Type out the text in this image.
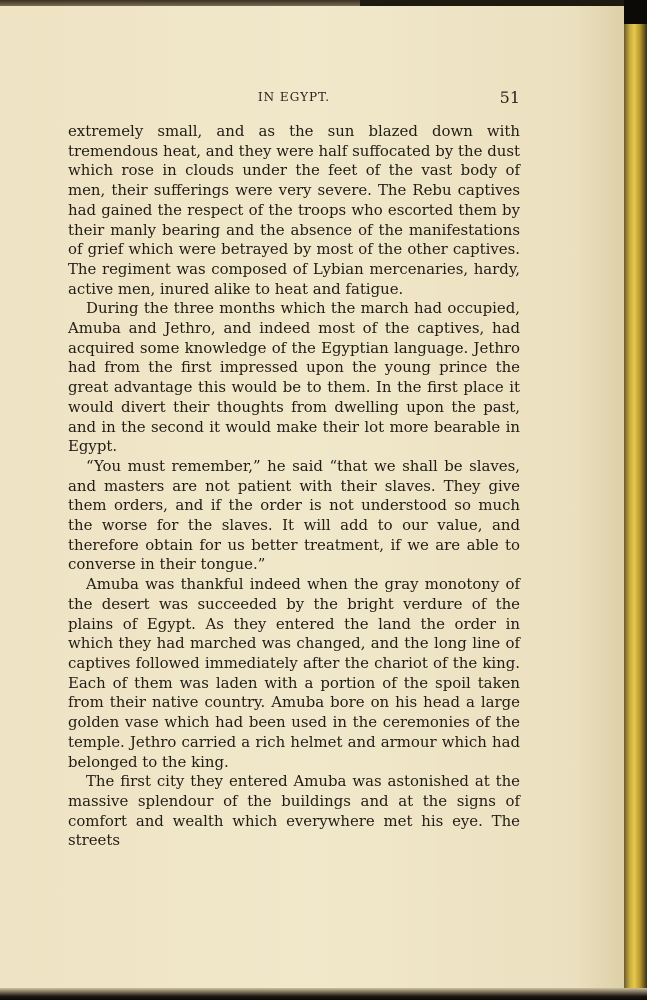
IN EGYPT.	51

extremely small, and as the sun blazed down with tremendous heat, and they were half suffocated by the dust which rose in clouds under the feet of the vast body of men, their sufferings were very severe. The Rebu captives had gained the respect of the troops who escorted them by their manly bearing and the absence of the manifestations of grief which were betrayed by most of the other captives. The regiment was composed of Lybian mercenaries, hardy, active men, inured alike to heat and fatigue.

During the three months which the march had occupied, Amuba and Jethro, and indeed most of the captives, had acquired some knowledge of the Egyptian language. Jethro had from the first impressed upon the young prince the great advantage this would be to them. In the first place it would divert their thoughts from dwelling upon the past, and in the second it would make their lot more bearable in Egypt.

“You must remember,” he said “that we shall be slaves, and masters are not patient with their slaves. They give them orders, and if the order is not understood so much the worse for the slaves. It will add to our value, and therefore obtain for us better treatment, if we are able to converse in their tongue.”

Amuba was thankful indeed when the gray monotony of the desert was succeeded by the bright verdure of the plains of Egypt. As they entered the land the order in which they had marched was changed, and the long line of captives followed immediately after the chariot of the king. Each of them was laden with a portion of the spoil taken from their native country. Amuba bore on his head a large golden vase which had been used in the ceremonies of the temple. Jethro carried a rich helmet and armour which had belonged to the king.

The first city they entered Amuba was astonished at the massive splendour of the buildings and at the signs of comfort and wealth which everywhere met his eye. The streets
